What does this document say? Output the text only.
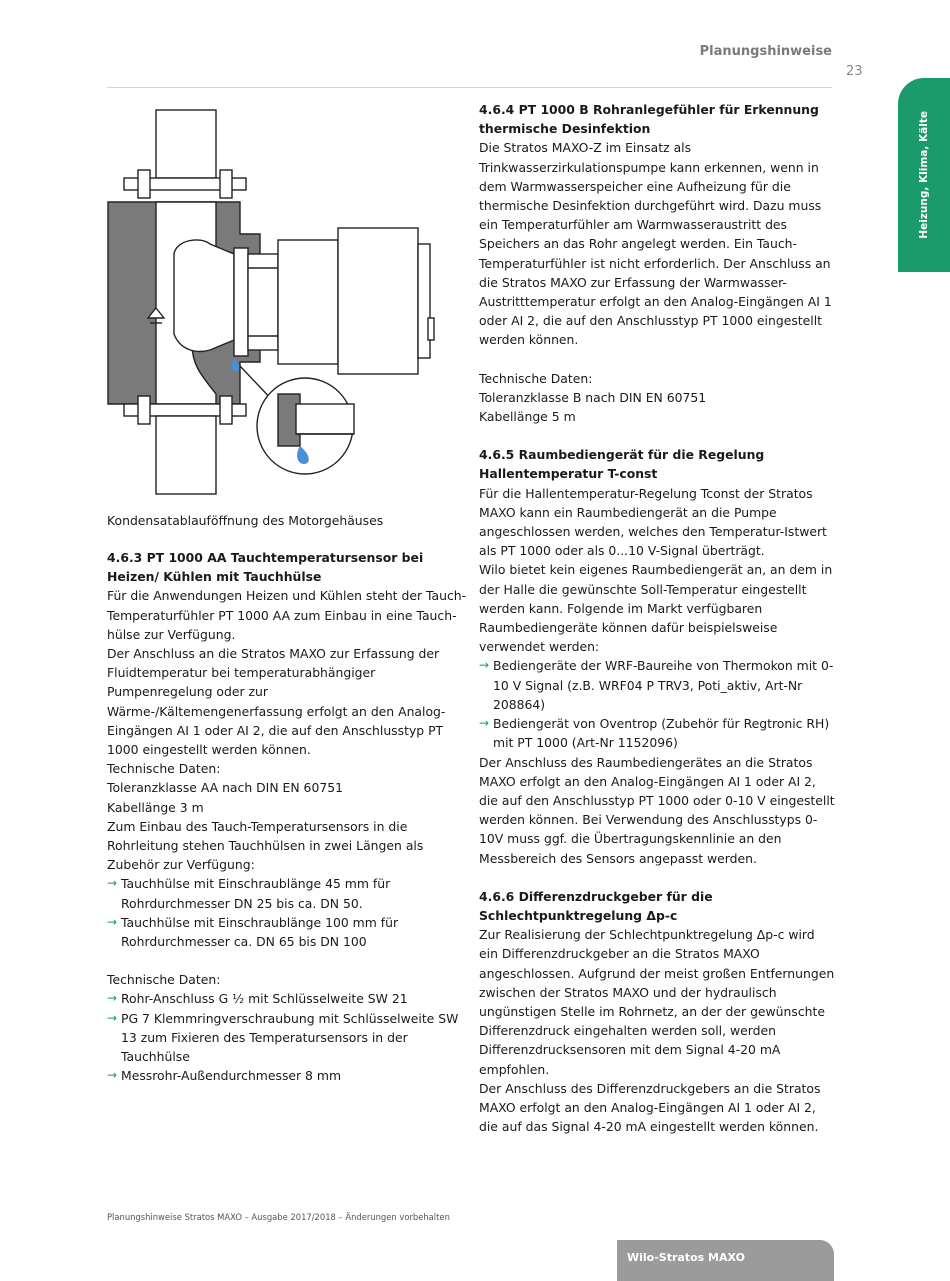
Planungshinweise
23
Heizung, Klima, Kälte
Kondensatablauföffnung des Motorgehäuses
4.6.3 PT 1000 AA Tauchtemperatursensor bei Heizen/ Kühlen mit Tauchhülse

Für die Anwendungen Heizen und Kühlen steht der Tauch-Temperaturfühler PT 1000 AA zum Einbau in eine Tauch-hülse zur Verfügung.

Der Anschluss an die Stratos MAXO zur Erfassung der Fluidtemperatur bei temperaturabhängiger Pumpenregelung oder zur Wärme-/Kältemengenerfassung erfolgt an den Analog-Eingängen AI 1 oder AI 2, die auf den Anschlusstyp PT 1000 eingestellt werden können.

Technische Daten:

Toleranzklasse AA nach DIN EN 60751

Kabellänge 3 m

Zum Einbau des Tauch-Temperatursensors in die Rohrleitung stehen Tauchhülsen in zwei Längen als Zubehör zur Verfügung:

→ Tauchhülse mit Einschraublänge 45 mm für Rohrdurchmesser DN 25 bis ca. DN 50.
→ Tauchhülse mit Einschraublänge 100 mm für Rohrdurchmesser ca. DN 65 bis DN 100

Technische Daten:

→ Rohr-Anschluss G ½ mit Schlüsselweite SW 21
→ PG 7 Klemmringverschraubung mit Schlüsselweite SW 13 zum Fixieren des Temperatursensors in der Tauchhülse
→ Messrohr-Außendurchmesser 8 mm
4.6.4 PT 1000 B Rohranlegefühler für Erkennung thermische Desinfektion

Die Stratos MAXO-Z im Einsatz als Trinkwasserzirkulationspumpe kann erkennen, wenn in dem Warmwasserspeicher eine Aufheizung für die thermische Desinfektion durchgeführt wird. Dazu muss ein Temperaturfühler am Warmwasseraustritt des Speichers an das Rohr angelegt werden. Ein Tauch-Temperaturfühler ist nicht erforderlich. Der Anschluss an die Stratos MAXO zur Erfassung der Warmwasser-Austritttemperatur erfolgt an den Analog-Eingängen AI 1 oder AI 2, die auf den Anschlusstyp PT 1000 eingestellt werden können.

Technische Daten:

Toleranzklasse B nach DIN EN 60751

Kabellänge 5 m

4.6.5 Raumbediengerät für die Regelung Hallentemperatur T-const

Für die Hallentemperatur-Regelung Tconst der Stratos MAXO kann ein Raumbediengerät an die Pumpe angeschlossen werden, welches den Temperatur-Istwert als PT 1000 oder als 0...10 V-Signal überträgt.

Wilo bietet kein eigenes Raumbediengerät an, an dem in der Halle die gewünschte Soll-Temperatur eingestellt werden kann. Folgende im Markt verfügbaren Raumbediengeräte können dafür beispielsweise verwendet werden:

→ Bediengeräte der WRF-Baureihe von Thermokon mit 0-10 V Signal (z.B. WRF04 P TRV3, Poti_aktiv, Art-Nr 208864)
→ Bediengerät von Oventrop (Zubehör für Regtronic RH) mit PT 1000 (Art-Nr 1152096)

Der Anschluss des Raumbediengerätes an die Stratos MAXO erfolgt an den Analog-Eingängen AI 1 oder AI 2, die auf den Anschlusstyp PT 1000 oder 0-10 V eingestellt werden können. Bei Verwendung des Anschlusstyps 0-10V muss ggf. die Übertragungskennlinie an den Messbereich des Sensors angepasst werden.

4.6.6 Differenzdruckgeber für die Schlechtpunktregelung Δp-c

Zur Realisierung der Schlechtpunktregelung Δp-c wird ein Differenzdruckgeber an die Stratos MAXO angeschlossen. Aufgrund der meist großen Entfernungen zwischen der Stratos MAXO und der hydraulisch ungünstigen Stelle im Rohrnetz, an der der gewünschte Differenzdruck eingehalten werden soll, werden Differenzdrucksensoren mit dem Signal 4-20 mA empfohlen.

Der Anschluss des Differenzdruckgebers an die Stratos MAXO erfolgt an den Analog-Eingängen AI 1 oder AI 2, die auf das Signal 4-20 mA eingestellt werden können.

Planungshinweise Stratos MAXO – Ausgabe 2017/2018 – Änderungen vorbehalten
Wilo-Stratos MAXO
